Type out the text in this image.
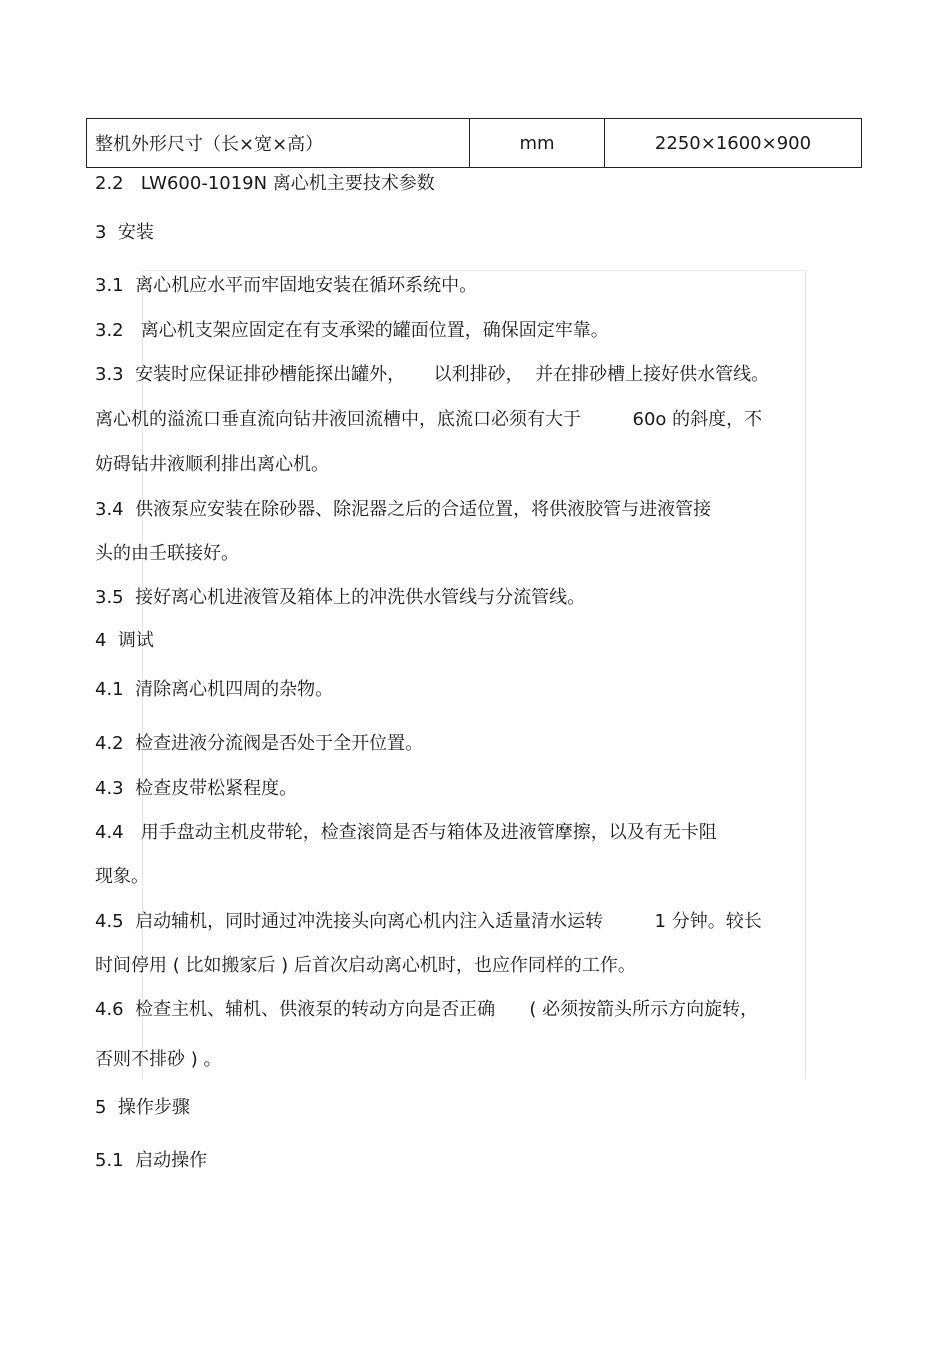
整机外形尺寸（长×宽×高）	mm	2250×1600×900
2.2   LW600-1019N 离心机主要技术参数
3  安装
3.1  离心机应水平而牢固地安装在循环系统中。
3.2   离心机支架应固定在有支承梁的罐面位置，确保固定牢靠。
3.3  安装时应保证排砂槽能探出罐外，     以利排砂，  并在排砂槽上接好供水管线。
离心机的溢流口垂直流向钻井液回流槽中，底流口必须有大于         60o 的斜度，不
妨碍钻井液顺利排出离心机。
3.4  供液泵应安装在除砂器、除泥器之后的合适位置，将供液胶管与进液管接
头的由壬联接好。
3.5  接好离心机进液管及箱体上的冲洗供水管线与分流管线。
4  调试
4.1  清除离心机四周的杂物。
4.2  检查进液分流阀是否处于全开位置。
4.3  检查皮带松紧程度。
4.4   用手盘动主机皮带轮，检查滚筒是否与箱体及进液管摩擦，以及有无卡阻
现象。
4.5  启动辅机，同时通过冲洗接头向离心机内注入适量清水运转         1 分钟。较长
时间停用 ( 比如搬家后 ) 后首次启动离心机时，也应作同样的工作。
4.6  检查主机、辅机、供液泵的转动方向是否正确      ( 必须按箭头所示方向旋转，
否则不排砂 ) 。
5  操作步骤
5.1  启动操作
